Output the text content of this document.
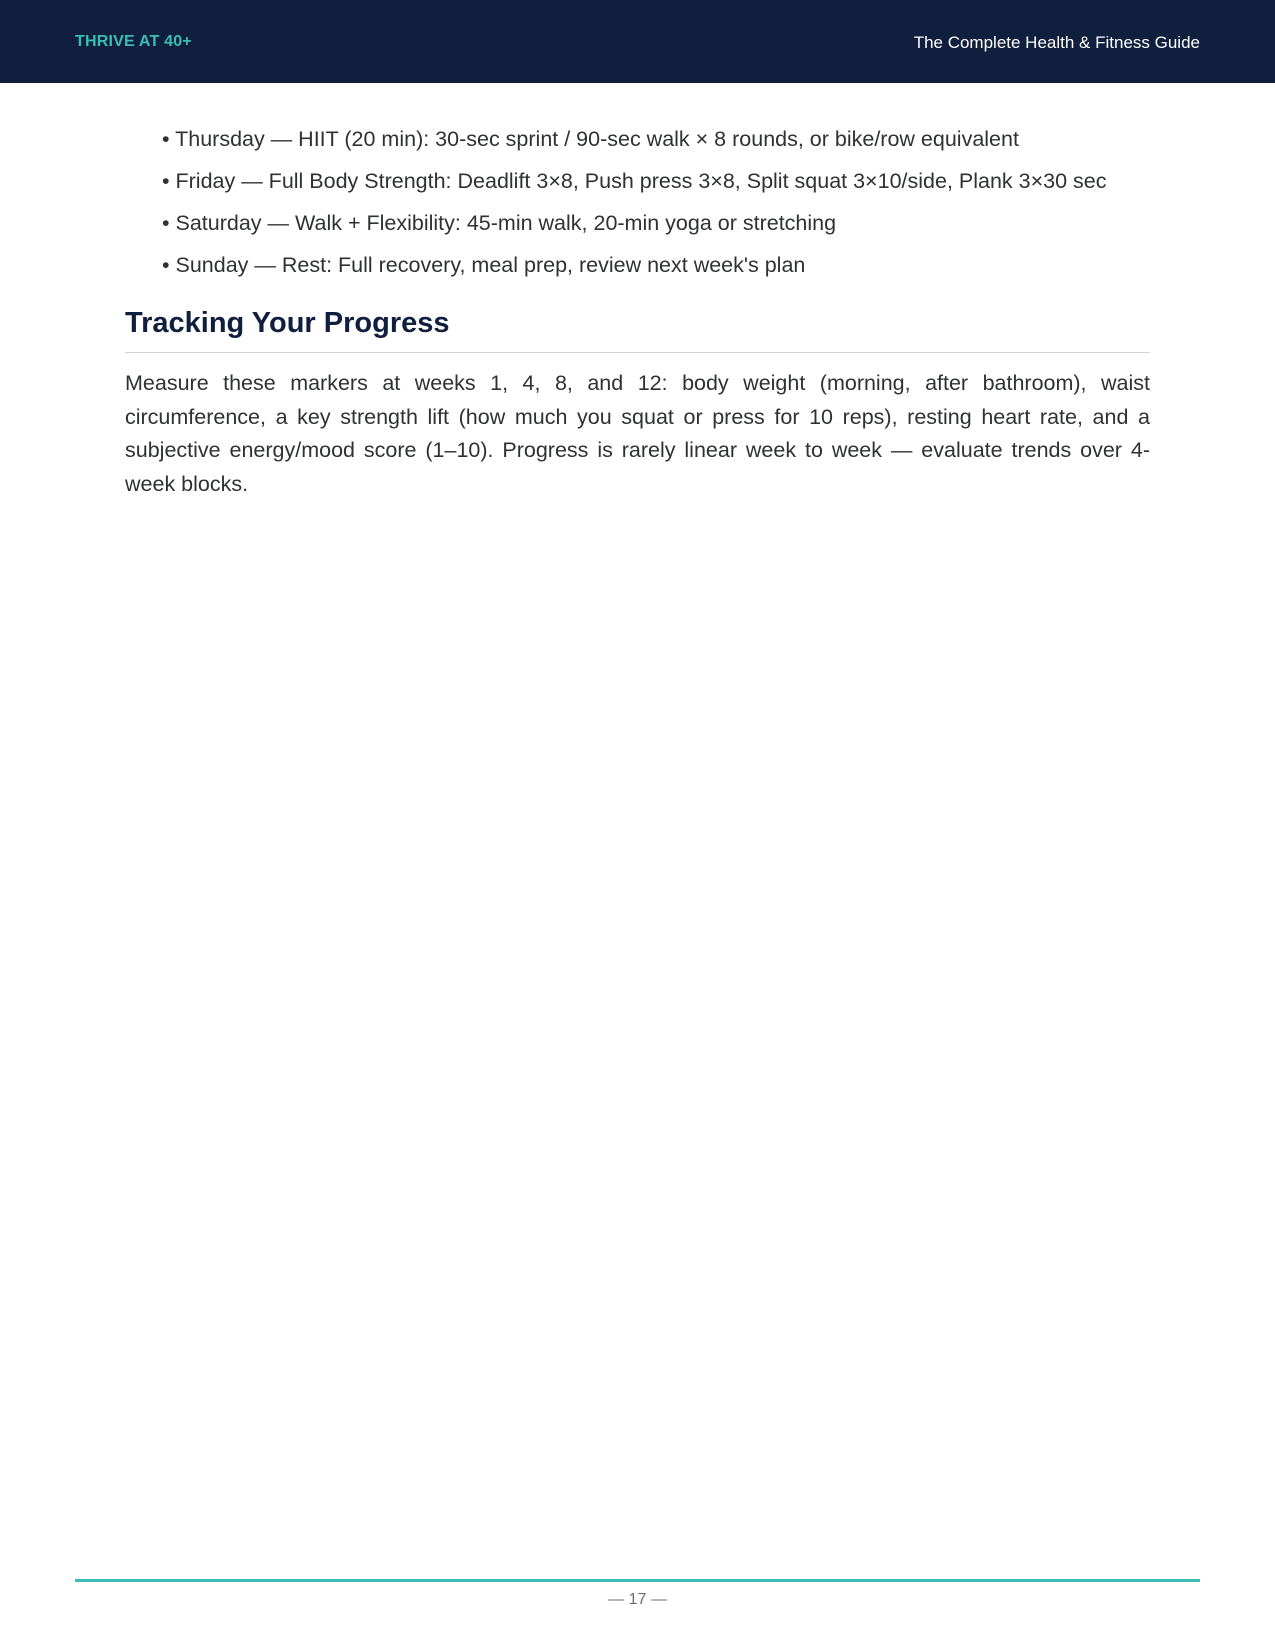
THRIVE AT 40+	The Complete Health & Fitness Guide
• Thursday — HIIT (20 min): 30-sec sprint / 90-sec walk × 8 rounds, or bike/row equivalent
• Friday — Full Body Strength: Deadlift 3×8, Push press 3×8, Split squat 3×10/side, Plank 3×30 sec
• Saturday — Walk + Flexibility: 45-min walk, 20-min yoga or stretching
• Sunday — Rest: Full recovery, meal prep, review next week's plan
Tracking Your Progress

Measure these markers at weeks 1, 4, 8, and 12: body weight (morning, after bathroom), waist circumference, a key strength lift (how much you squat or press for 10 reps), resting heart rate, and a subjective energy/mood score (1–10). Progress is rarely linear week to week — evaluate trends over 4-week blocks.

— 17 —
